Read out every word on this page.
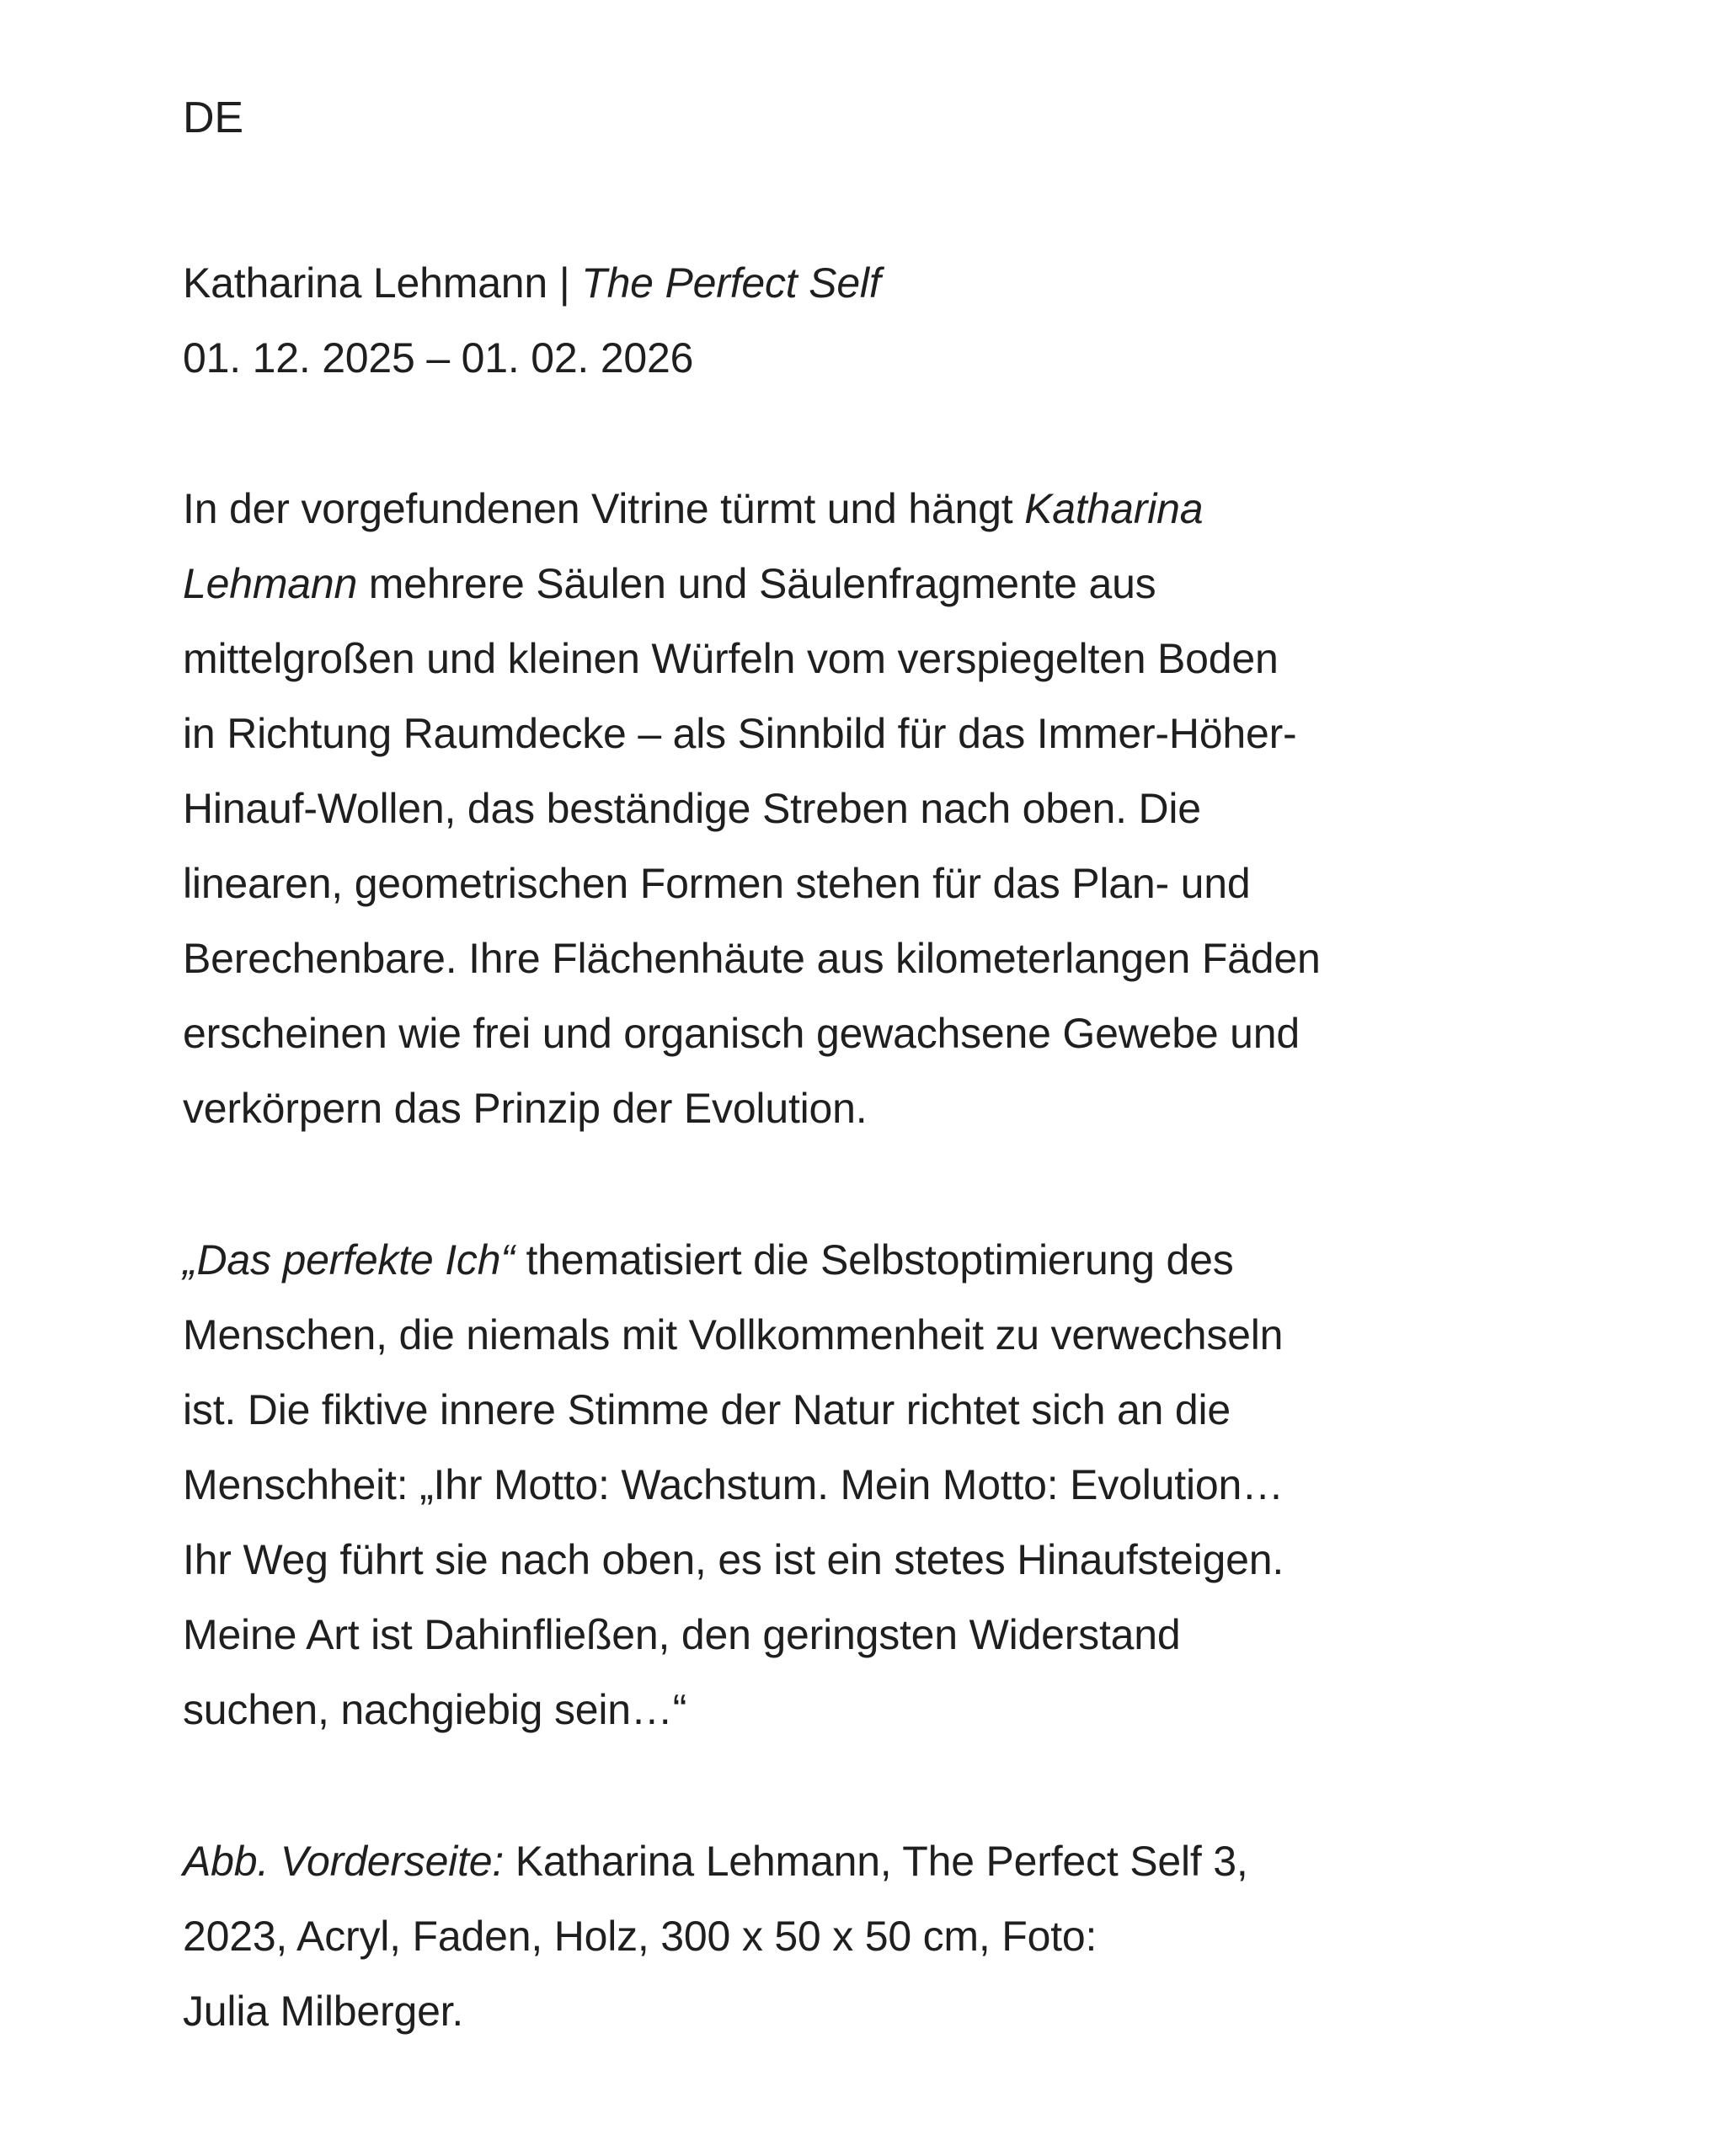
DE
Katharina Lehmann | The Perfect Self
01. 12. 2025 – 01. 02. 2026
In der vorgefundenen Vitrine türmt und hängt Katharina
Lehmann mehrere Säulen und Säulenfragmente aus
mittelgroßen und kleinen Würfeln vom verspiegelten Boden
in Richtung Raumdecke – als Sinnbild für das Immer-Höher-
Hinauf-Wollen, das beständige Streben nach oben. Die
linearen, geometrischen Formen stehen für das Plan- und
Berechenbare. Ihre Flächenhäute aus kilometerlangen Fäden
erscheinen wie frei und organisch gewachsene Gewebe und
verkörpern das Prinzip der Evolution.
„Das perfekte Ich“ thematisiert die Selbstoptimierung des
Menschen, die niemals mit Vollkommenheit zu verwechseln
ist. Die fiktive innere Stimme der Natur richtet sich an die
Menschheit: „Ihr Motto: Wachstum. Mein Motto: Evolution…
Ihr Weg führt sie nach oben, es ist ein stetes Hinaufsteigen.
Meine Art ist Dahinfließen, den geringsten Widerstand
suchen, nachgiebig sein…“
Abb. Vorderseite: Katharina Lehmann, The Perfect Self 3,
2023, Acryl, Faden, Holz, 300 x 50 x 50 cm, Foto:
Julia Milberger.
